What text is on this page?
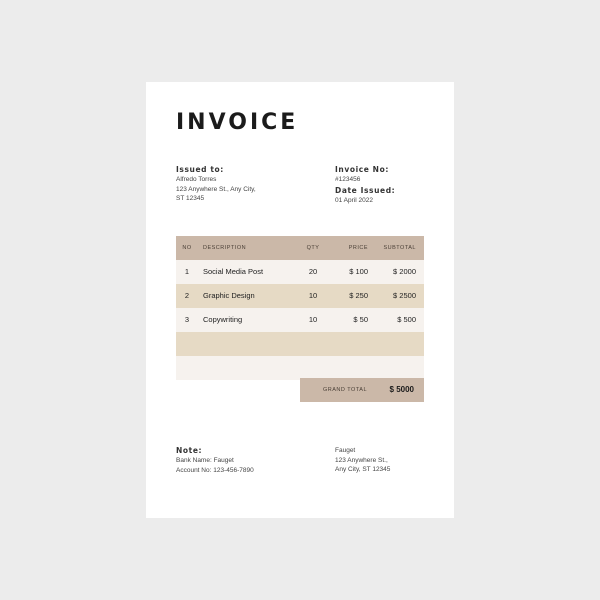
INVOICE
Issued to:
Alfredo Torres
123 Anywhere St., Any City,
ST 12345
Invoice No:
#123456
Date Issued:
01 April 2022
NO	DESCRIPTION	QTY	PRICE	SUBTOTAL
1	Social Media Post	20	$ 100	$ 2000
2	Graphic Design	10	$ 250	$ 2500
3	Copywriting	10	$ 50	$ 500
GRAND TOTAL	$ 5000
Note:
Bank Name: Fauget
Account No: 123-456-7890
Fauget
123 Anywhere St.,
Any City, ST 12345
